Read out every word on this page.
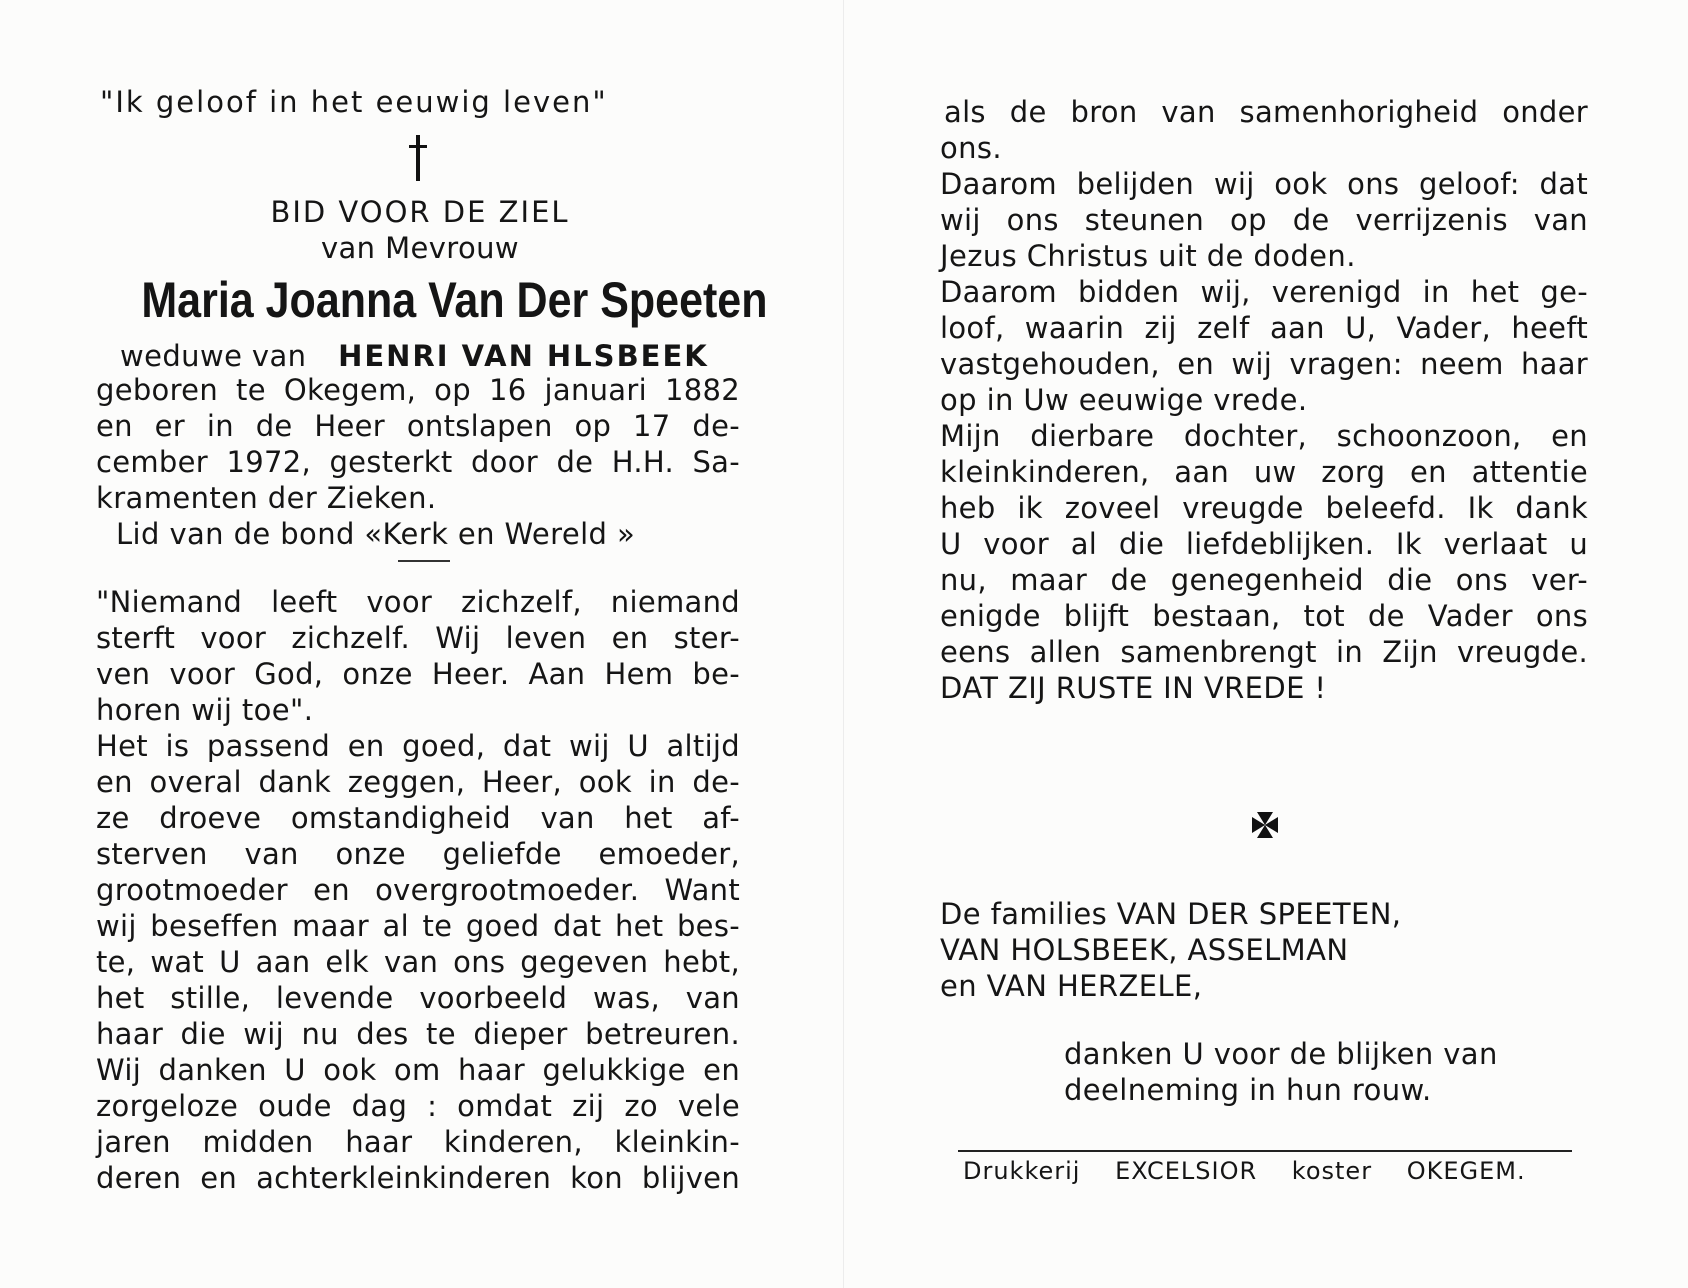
"Ik geloof in het eeuwig leven"
BID VOOR DE ZIEL
van Mevrouw
Maria Joanna Van Der Speeten
weduwe van HENRI VAN HLSBEEK
geboren te Okegem, op 16 januari 1882
en er in de Heer ontslapen op 17 de-
cember 1972, gesterkt door de H.H. Sa-
kramenten der Zieken.
Lid van de bond «Kerk en Wereld »
"Niemand leeft voor zichzelf, niemand
sterft voor zichzelf. Wij leven en ster-
ven voor God, onze Heer. Aan Hem be-
horen wij toe".
Het is passend en goed, dat wij U altijd
en overal dank zeggen, Heer, ook in de-
ze droeve omstandigheid van het af-
sterven van onze geliefde emoeder,
grootmoeder en overgrootmoeder. Want
wij beseffen maar al te goed dat het bes-
te, wat U aan elk van ons gegeven hebt,
het stille, levende voorbeeld was, van
haar die wij nu des te dieper betreuren.
Wij danken U ook om haar gelukkige en
zorgeloze oude dag : omdat zij zo vele
jaren midden haar kinderen, kleinkin-
deren en achterkleinkinderen kon blijven
als de bron van samenhorigheid onder
ons.
Daarom belijden wij ook ons geloof: dat
wij ons steunen op de verrijzenis van
Jezus Christus uit de doden.
Daarom bidden wij, verenigd in het ge-
loof, waarin zij zelf aan U, Vader, heeft
vastgehouden, en wij vragen: neem haar
op in Uw eeuwige vrede.
Mijn dierbare dochter, schoonzoon, en
kleinkinderen, aan uw zorg en attentie
heb ik zoveel vreugde beleefd. Ik dank
U voor al die liefdeblijken. Ik verlaat u
nu, maar de genegenheid die ons ver-
enigde blijft bestaan, tot de Vader ons
eens allen samenbrengt in Zijn vreugde.
DAT ZIJ RUSTE IN VREDE !
De families VAN DER SPEETEN,
VAN HOLSBEEK, ASSELMAN
en VAN HERZELE,
danken U voor de blijken van
deelneming in hun rouw.
Drukkerij EXCELSIOR koster OKEGEM.
